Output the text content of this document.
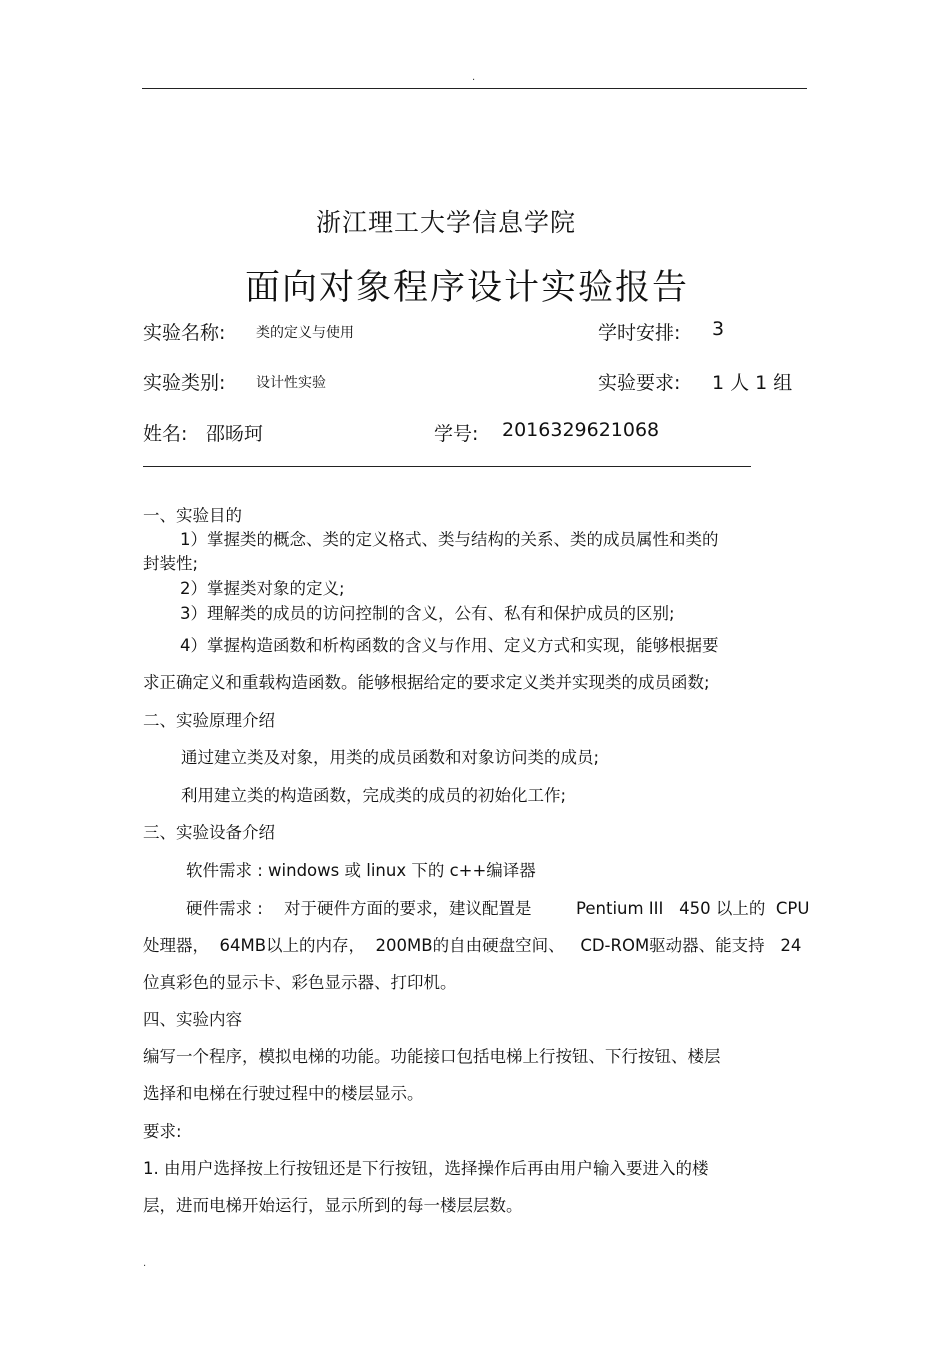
.
浙江理工大学信息学院
面向对象程序设计实验报告
实验名称: 类的定义与使用	学时安排: 3
实验类别: 设计性实验	实验要求: 1 人 1 组
姓名: 邵旸珂	学号: 2016329621068
一、实验目的
1）掌握类的概念、类的定义格式、类与结构的关系、类的成员属性和类的
封装性;
2）掌握类对象的定义;
3）理解类的成员的访问控制的含义，公有、私有和保护成员的区别;
4）掌握构造函数和析构函数的含义与作用、定义方式和实现，能够根据要
求正确定义和重载构造函数。能够根据给定的要求定义类并实现类的成员函数;
二、实验原理介绍
通过建立类及对象，用类的成员函数和对象访问类的成员;
利用建立类的构造函数，完成类的成员的初始化工作;
三、实验设备介绍
软件需求 : windows 或 linux 下的 c++编译器
硬件需求 : 对于硬件方面的要求，建议配置是	Pentium III   450 以上的  CPU
处理器，  64MB以上的内存，  200MB的自由硬盘空间、   CD-ROM驱动器、能支持   24
位真彩色的显示卡、彩色显示器、打印机。
四、实验内容
编写一个程序，模拟电梯的功能。功能接口包括电梯上行按钮、下行按钮、楼层
选择和电梯在行驶过程中的楼层显示。
要求:
1. 由用户选择按上行按钮还是下行按钮，选择操作后再由用户输入要进入的楼
层，进而电梯开始运行，显示所到的每一楼层层数。
.
